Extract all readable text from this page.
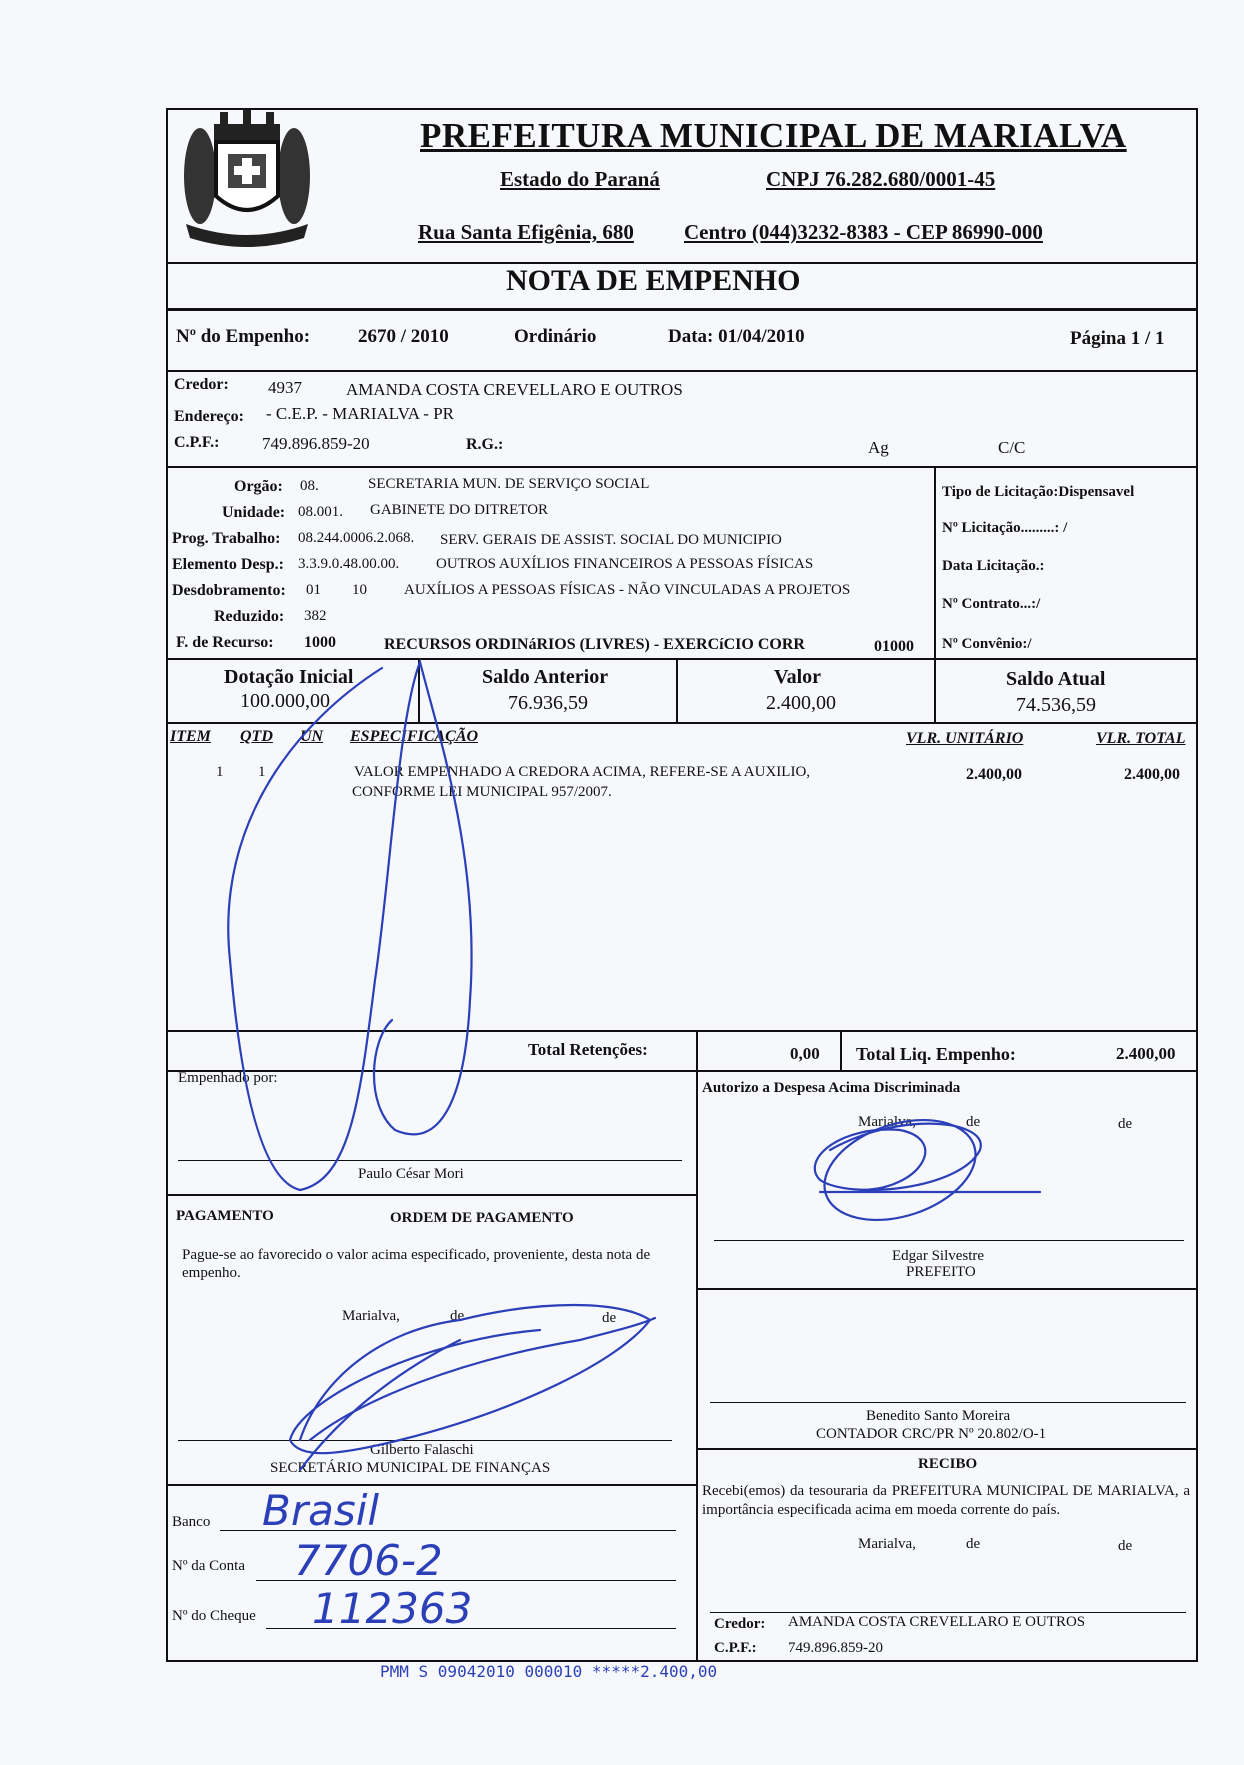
PREFEITURA MUNICIPAL DE MARIALVA
Estado do Paraná	CNPJ 76.282.680/0001-45
Rua Santa Efigênia, 680 Centro (044)3232-8383 - CEP 86990-000
NOTA DE EMPENHO
Nº do Empenho:	2670 / 2010	Ordinário	Data: 01/04/2010	Página 1 / 1
Credor: 4937	AMANDA COSTA CREVELLARO E OUTROS
Endereço: - C.E.P. - MARIALVA - PR
C.P.F.:	749.896.859-20	R.G.:	Ag	C/C
Orgão: 08.	SECRETARIA MUN. DE SERVIÇO SOCIAL
Unidade: 08.001. GABINETE DO DITRETOR
Prog. Trabalho: 08.244.0006.2.068. SERV. GERAIS DE ASSIST. SOCIAL DO MUNICIPIO
Elemento Desp.: 3.3.9.0.48.00.00. OUTROS AUXÍLIOS FINANCEIROS A PESSOAS FÍSICAS
Desdobramento: 01 10 AUXÍLIOS A PESSOAS FÍSICAS - NÃO VINCULADAS A PROJETOS
Reduzido: 382
F. de Recurso: 1000	RECURSOS ORDINáRIOS (LIVRES) - EXERCíCIO CORR	01000
Tipo de Licitação:Dispensavel
Nº Licitação.........: /
Data Licitação.:
Nº Contrato...:/
Nº Convênio:/
Dotação Inicial
100.000,00
Saldo Anterior
76.936,59
Valor
2.400,00
Saldo Atual
74.536,59
ITEM QTD UN ESPECIFICAÇÃO	VLR. UNITÁRIO	VLR. TOTAL
1 1	VALOR EMPENHADO A CREDORA ACIMA, REFERE-SE A AUXILIO,
CONFORME LEI MUNICIPAL 957/2007.
2.400,00	2.400,00
Total Retenções:	0,00 Total Liq. Empenho:	2.400,00
Empenhado por:
Paulo César Mori
Autorizo a Despesa Acima Discriminada
Marialva,	de	de
Edgar Silvestre
PREFEITO
Benedito Santo Moreira
CONTADOR CRC/PR Nº 20.802/O-1
PAGAMENTO	ORDEM DE PAGAMENTO
Pague-se ao favorecido o valor acima especificado, proveniente, desta nota de empenho.
Marialva,	de	de
Gilberto Falaschi
SECRETÁRIO MUNICIPAL DE FINANÇAS
Banco Brasil
Nº da Conta 7706-2
Nº do Cheque 112363
RECIBO
Recebi(emos) da tesouraria da PREFEITURA MUNICIPAL DE MARIALVA, a importância especificada acima em moeda corrente do país.
Marialva,	de	de
Credor: AMANDA COSTA CREVELLARO E OUTROS
C.P.F.: 749.896.859-20
PMM S 09042010 000010 *****2.400,00
